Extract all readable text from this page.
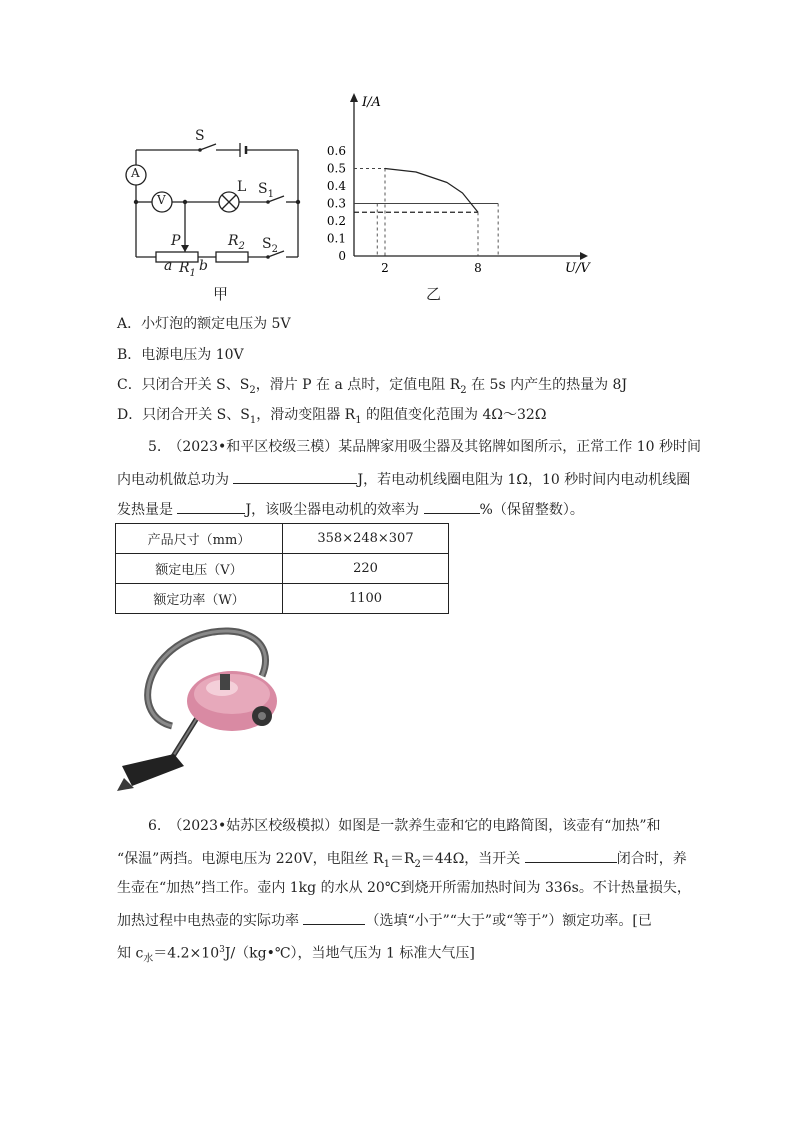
S
A
V
L $S_1$
P	$R_2$ $S_2$
a $R_1$ b
甲
I/A
U/V
0.6
0.5
0.4
0.3
0.2
0.1
0
2	8
乙
A．小灯泡的额定电压为 5V
B．电源电压为 10V
C．只闭合开关 S、$S_2$，滑片 P 在 a 点时，定值电阻 $R_2$ 在 5s 内产生的热量为 8J
D．只闭合开关 S、$S_1$，滑动变阻器 $R_1$ 的阻值变化范围为 4Ω～32Ω
5.　（2023•和平区校级三模）某品牌家用吸尘器及其铭牌如图所示，正常工作 10 秒时间
内电动机做总功为	J，若电动机线圈电阻为 1Ω，10 秒时间内电动机线圈
发热量是	J，该吸尘器电动机的效率为	%（保留整数）。
产品尺寸（mm）	358×248×307
额定电压（V）	220
额定功率（W）	1100
6.　（2023•姑苏区校级模拟）如图是一款养生壶和它的电路简图，该壶有“加热”和
“保温”两挡。电源电压为 220V，电阻丝 $R_1=R_2=44\Omega$，当开关	闭合时，养
生壶在“加热”挡工作。壶内 1kg 的水从 20℃到烧开所需加热时间为 336s。不计热量损失，
加热过程中电热壶的实际功率	（选填“小于”“大于”或“等于”）额定功率。[已
知 $c_水=4.2\times 10^3J/(kg•℃)$，当地气压为 1 标准大气压]
